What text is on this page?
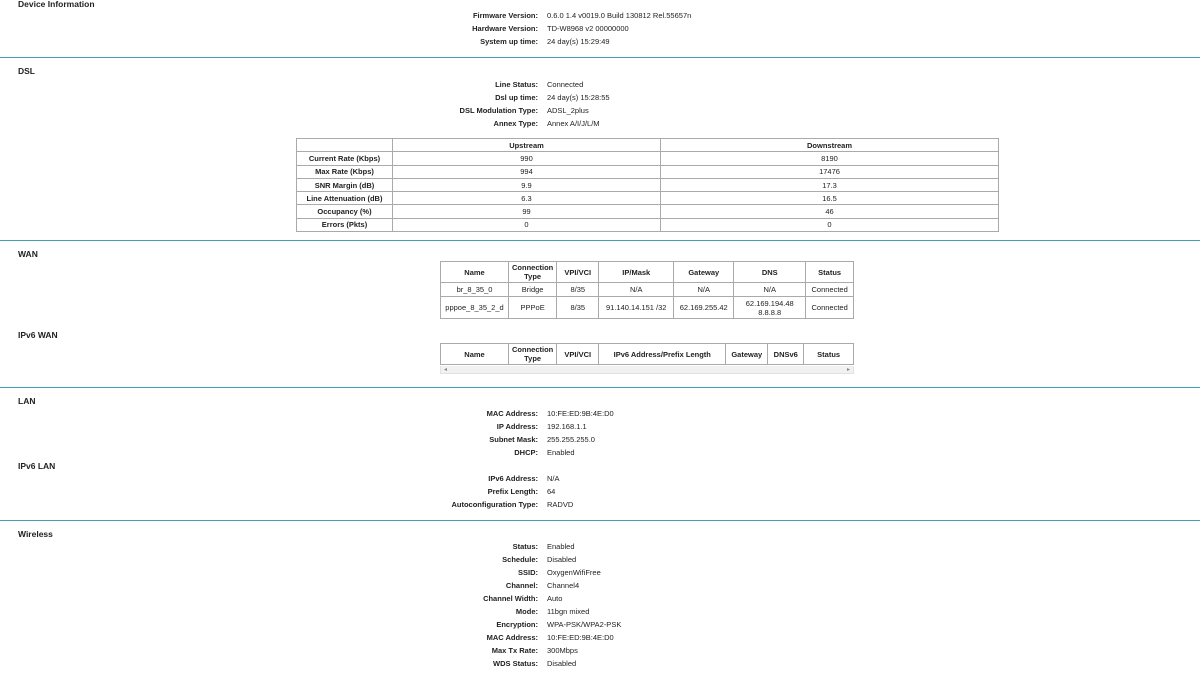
Device Information
Firmware Version: 0.6.0 1.4 v0019.0 Build 130812 Rel.55657n
Hardware Version: TD-W8968 v2 00000000
System up time: 24 day(s) 15:29:49
DSL
Line Status: Connected
Dsl up time: 24 day(s) 15:28:55
DSL Modulation Type: ADSL_2plus
Annex Type: Annex A/I/J/L/M
	Upstream	Downstream
Current Rate (Kbps)	990	8190
Max Rate (Kbps)	994	17476
SNR Margin (dB)	9.9	17.3
Line Attenuation (dB)	6.3	16.5
Occupancy (%)	99	46
Errors (Pkts)	0	0
WAN
Name	Connection Type	VPI/VCI	IP/Mask	Gateway	DNS	Status
br_8_35_0	Bridge	8/35	N/A	N/A	N/A	Connected
pppoe_8_35_2_d	PPPoE	8/35	91.140.14.151 /32	62.169.255.42	62.169.194.48 8.8.8.8	Connected
IPv6 WAN
Name	Connection Type	VPI/VCI	IPv6 Address/Prefix Length	Gateway	DNSv6	Status
◂	▸
LAN
MAC Address: 10:FE:ED:9B:4E:D0
IP Address: 192.168.1.1
Subnet Mask: 255.255.255.0
DHCP: Enabled
IPv6 LAN
IPv6 Address: N/A
Prefix Length: 64
Autoconfiguration Type: RADVD
Wireless
Status: Enabled
Schedule: Disabled
SSID: OxygenWifiFree
Channel: Channel4
Channel Width: Auto
Mode: 11bgn mixed
Encryption: WPA-PSK/WPA2-PSK
MAC Address: 10:FE:ED:9B:4E:D0
Max Tx Rate: 300Mbps
WDS Status: Disabled
